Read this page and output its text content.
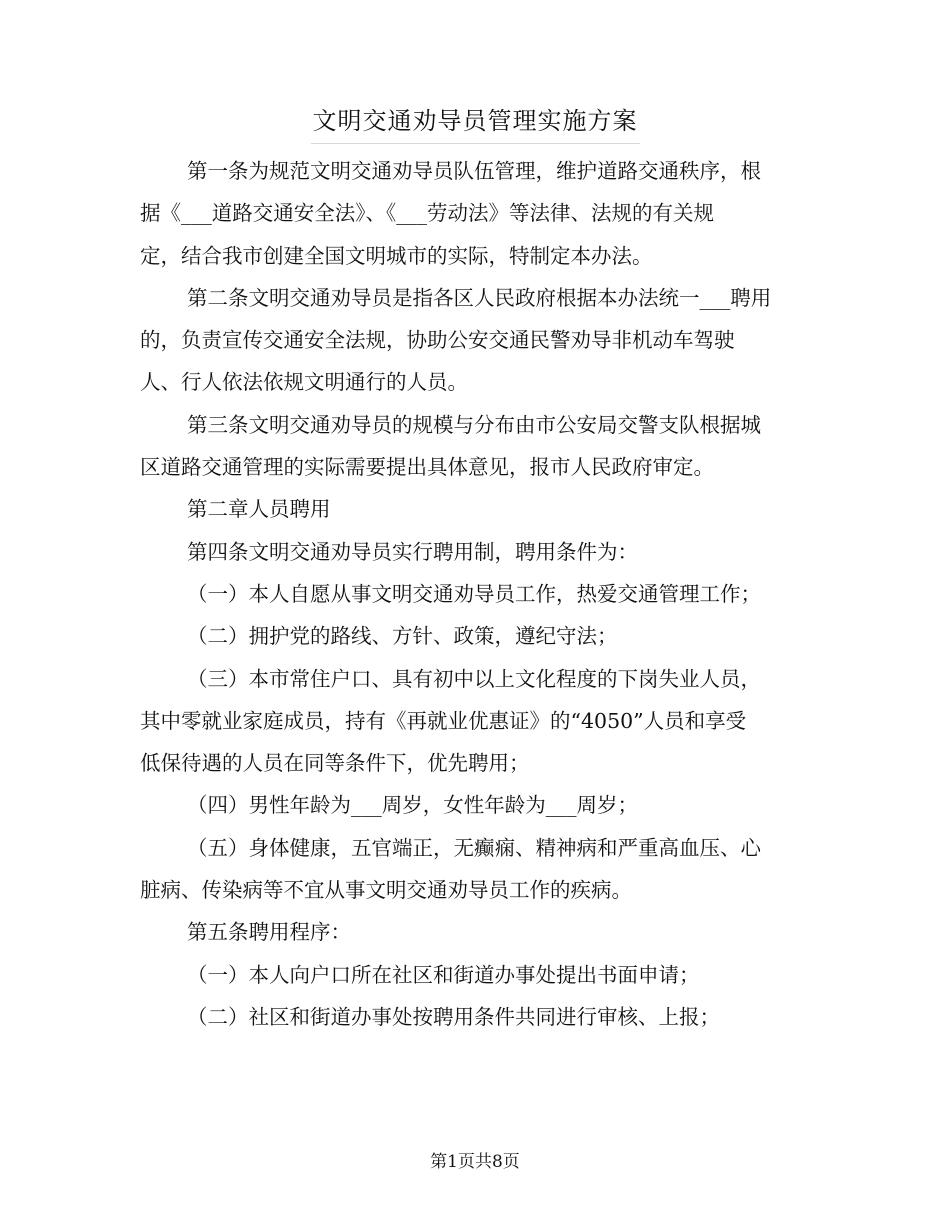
文明交通劝导员管理实施方案
第一条为规范文明交通劝导员队伍管理，维护道路交通秩序，根
据《___道路交通安全法》、《___劳动法》等法律、法规的有关规
定，结合我市创建全国文明城市的实际，特制定本办法。
第二条文明交通劝导员是指各区人民政府根据本办法统一___聘用
的，负责宣传交通安全法规，协助公安交通民警劝导非机动车驾驶
人、行人依法依规文明通行的人员。
第三条文明交通劝导员的规模与分布由市公安局交警支队根据城
区道路交通管理的实际需要提出具体意见，报市人民政府审定。
第二章人员聘用
第四条文明交通劝导员实行聘用制，聘用条件为：
（一）本人自愿从事文明交通劝导员工作，热爱交通管理工作；
（二）拥护党的路线、方针、政策，遵纪守法；
（三）本市常住户口、具有初中以上文化程度的下岗失业人员，
其中零就业家庭成员，持有《再就业优惠证》的“4050”人员和享受
低保待遇的人员在同等条件下，优先聘用；
（四）男性年龄为___周岁，女性年龄为___周岁；
（五）身体健康，五官端正，无癫痫、精神病和严重高血压、心
脏病、传染病等不宜从事文明交通劝导员工作的疾病。
第五条聘用程序：
（一）本人向户口所在社区和街道办事处提出书面申请；
（二）社区和街道办事处按聘用条件共同进行审核、上报；
第1页共8页
